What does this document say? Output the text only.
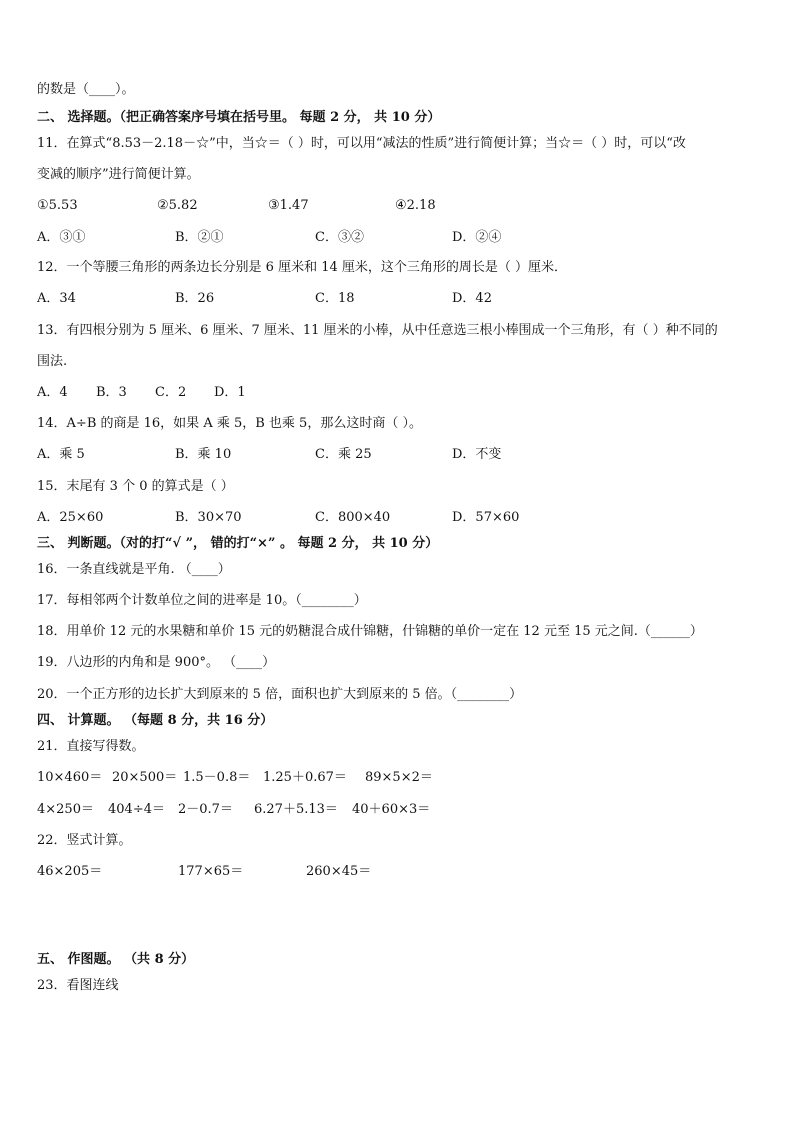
的数是（____）。
二、 选择题。（把正确答案序号填在括号里。 每题 2 分， 共 10 分）
11．在算式“8.53－2.18－☆”中，当☆＝（ ）时，可以用“减法的性质”进行简便计算；当☆＝（ ）时，可以“改
变减的顺序”进行简便计算。
①5.53	②5.82	③1.47	④2.18
A．③①	B．②①	C．③②	D．②④
12．一个等腰三角形的两条边长分别是 6 厘米和 14 厘米，这个三角形的周长是（ ）厘米．
A．34	B．26	C．18	D．42
13．有四根分别为 5 厘米、6 厘米、7 厘米、11 厘米的小棒，从中任意选三根小棒围成一个三角形，有（ ）种不同的
围法.
A．4 B．3 C．2 D．1
14．A÷B 的商是 16，如果 A 乘 5，B 也乘 5，那么这时商（ ）。
A．乘 5	B．乘 10	C．乘 25	D．不变
15．末尾有 3 个 0 的算式是（ ）
A．25×60	B．30×70	C．800×40	D．57×60
三、 判断题。（对的打“√ ”， 错的打“×” 。 每题 2 分， 共 10 分）
16．一条直线就是平角. （____）
17．每相邻两个计数单位之间的进率是 10。（________）
18．用单价 12 元的水果糖和单价 15 元的奶糖混合成什锦糖，什锦糖的单价一定在 12 元至 15 元之间.（______）
19．八边形的内角和是 900°。 （____）
20．一个正方形的边长扩大到原来的 5 倍，面积也扩大到原来的 5 倍。（________）
四、 计算题。 （每题 8 分，共 16 分）
21．直接写得数。
10×460＝ 20×500＝ 1.5－0.8＝ 1.25＋0.67＝ 89×5×2＝
4×250＝ 404÷4＝ 2－0.7＝ 6.27＋5.13＝ 40＋60×3＝
22．竖式计算。
46×205＝	177×65＝	260×45＝
五、 作图题。 （共 8 分）
23．看图连线
